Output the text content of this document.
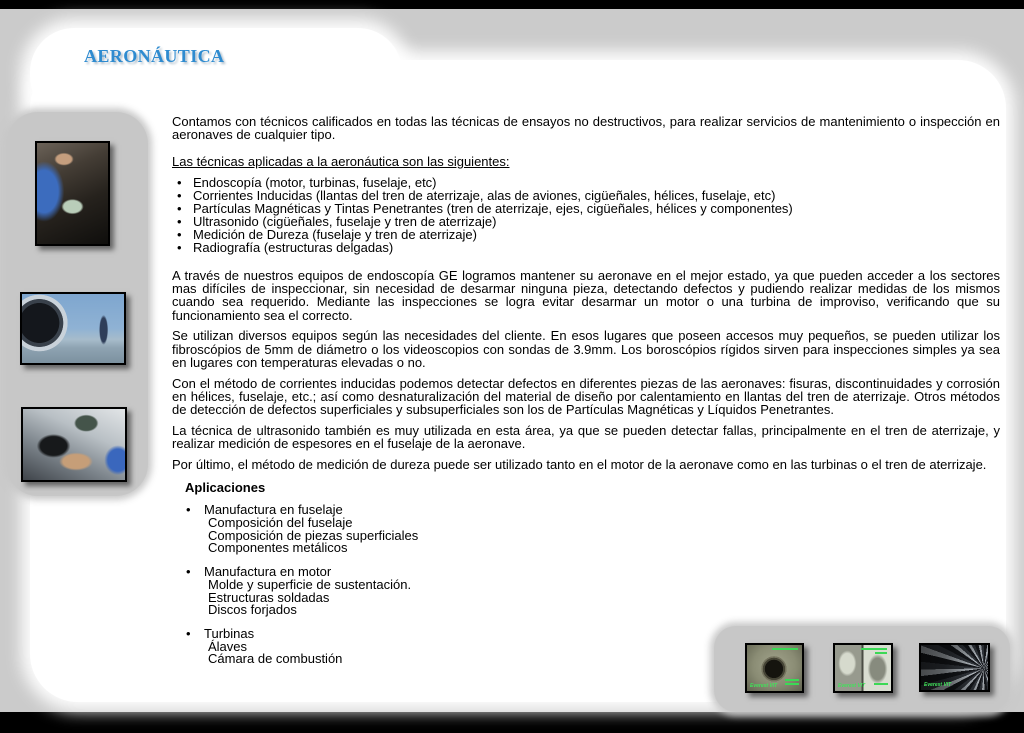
AERONÁUTICA
Everest VIT	Everest VIT	Everest VIT
Contamos con técnicos calificados en todas las técnicas de ensayos no destructivos, para realizar servicios de mantenimiento o inspección en aeronaves de cualquier tipo.
Las técnicas aplicadas a la aeronáutica son las siguientes:
• Endoscopía (motor, turbinas, fuselaje, etc)
• Corrientes Inducidas (llantas del tren de aterrizaje, alas de aviones, cigüeñales, hélices, fuselaje, etc)
• Partículas Magnéticas y Tintas Penetrantes (tren de aterrizaje, ejes, cigüeñales, hélices y componentes)
• Ultrasonido (cigüeñales, fuselaje y tren de aterrizaje)
• Medición de Dureza (fuselaje y tren de aterrizaje)
• Radiografía (estructuras delgadas)
A través de nuestros equipos de endoscopía GE logramos mantener su aeronave en el mejor estado, ya que pueden acceder a los sectores mas difíciles de inspeccionar, sin necesidad de desarmar ninguna pieza, detectando defectos y pudiendo realizar medidas de los mismos cuando sea requerido. Mediante las inspecciones se logra evitar desarmar un motor o una turbina de improviso, verificando que su funcionamiento sea el correcto.
Se utilizan diversos equipos según las necesidades del cliente. En esos lugares que poseen accesos muy pequeños, se pueden utilizar los fibroscópios de 5mm de diámetro o los videoscopios con sondas de 3.9mm. Los boroscópios rígidos sirven para inspecciones simples ya sea en lugares con temperaturas elevadas o no.
Con el método de corrientes inducidas podemos detectar defectos en diferentes piezas de las aeronaves: fisuras, discontinuidades y corrosión en hélices, fuselaje, etc.; así como desnaturalización del material de diseño por calentamiento en llantas del tren de aterrizaje. Otros métodos de detección de defectos superficiales y subsuperficiales son los de Partículas Magnéticas y Líquidos Penetrantes.
La técnica de ultrasonido también es muy utilizada en esta área, ya que se pueden detectar fallas, principalmente en el tren de aterrizaje, y realizar medición de espesores en el fuselaje de la aeronave.
Por último, el método de medición de dureza puede ser utilizado tanto en el motor de la aeronave como en las turbinas o el tren de aterrizaje.
Aplicaciones
• Manufactura en fuselaje
Composición del fuselaje
Composición de piezas superficiales
Componentes metálicos
• Manufactura en motor
Molde y superficie de sustentación.
Estructuras soldadas
Discos forjados
• Turbinas
Álaves
Cámara de combustión
